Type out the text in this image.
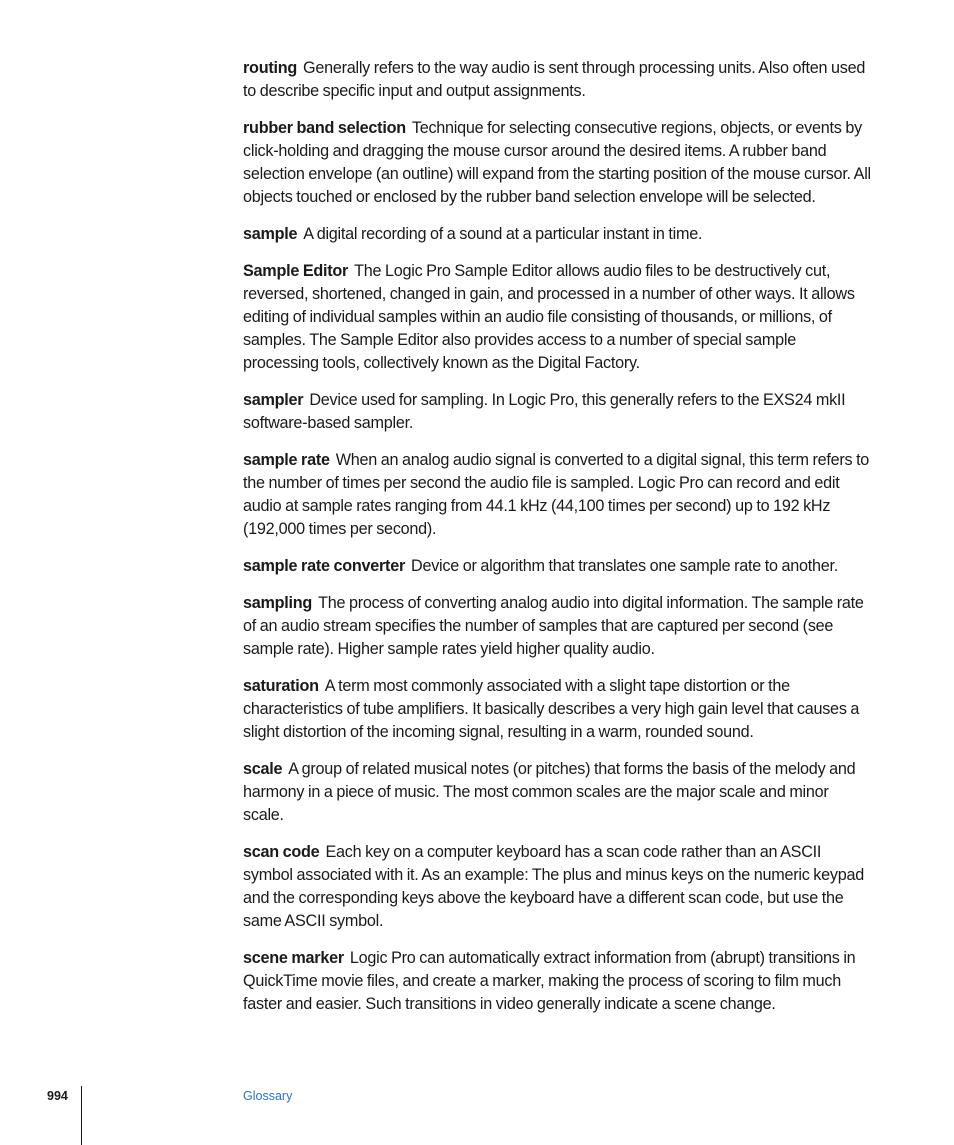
routing Generally refers to the way audio is sent through processing units. Also often used to describe specific input and output assignments.

rubber band selection Technique for selecting consecutive regions, objects, or events by click-holding and dragging the mouse cursor around the desired items. A rubber band selection envelope (an outline) will expand from the starting position of the mouse cursor. All objects touched or enclosed by the rubber band selection envelope will be selected.

sample A digital recording of a sound at a particular instant in time.

Sample Editor The Logic Pro Sample Editor allows audio files to be destructively cut, reversed, shortened, changed in gain, and processed in a number of other ways. It allows editing of individual samples within an audio file consisting of thousands, or millions, of samples. The Sample Editor also provides access to a number of special sample processing tools, collectively known as the Digital Factory.

sampler Device used for sampling. In Logic Pro, this generally refers to the EXS24 mkII software-based sampler.

sample rate When an analog audio signal is converted to a digital signal, this term refers to the number of times per second the audio file is sampled. Logic Pro can record and edit audio at sample rates ranging from 44.1 kHz (44,100 times per second) up to 192 kHz (192,000 times per second).

sample rate converter Device or algorithm that translates one sample rate to another.

sampling The process of converting analog audio into digital information. The sample rate of an audio stream specifies the number of samples that are captured per second (see sample rate). Higher sample rates yield higher quality audio.

saturation A term most commonly associated with a slight tape distortion or the characteristics of tube amplifiers. It basically describes a very high gain level that causes a slight distortion of the incoming signal, resulting in a warm, rounded sound.

scale A group of related musical notes (or pitches) that forms the basis of the melody and harmony in a piece of music. The most common scales are the major scale and minor scale.

scan code Each key on a computer keyboard has a scan code rather than an ASCII symbol associated with it. As an example: The plus and minus keys on the numeric keypad and the corresponding keys above the keyboard have a different scan code, but use the same ASCII symbol.

scene marker Logic Pro can automatically extract information from (abrupt) transitions in QuickTime movie files, and create a marker, making the process of scoring to film much faster and easier. Such transitions in video generally indicate a scene change.

994	Glossary
